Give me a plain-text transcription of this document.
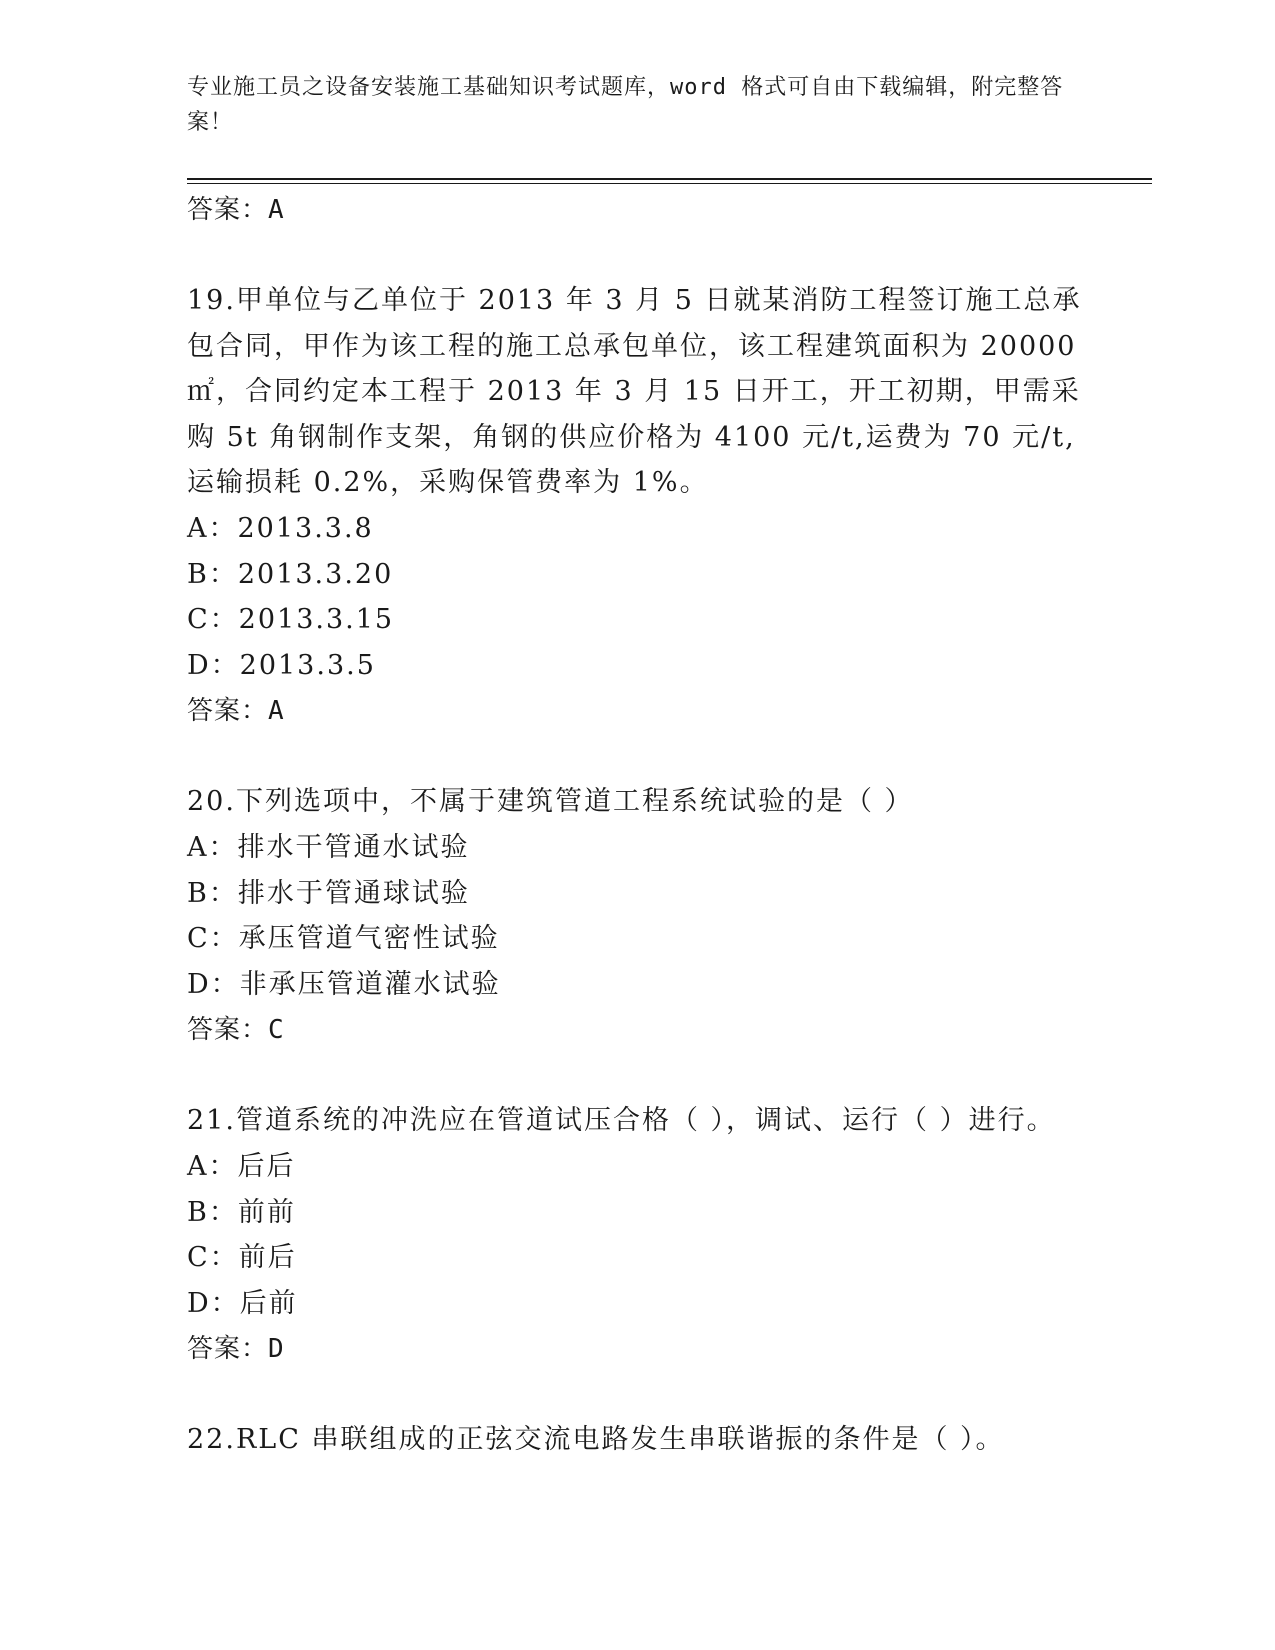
专业施工员之设备安装施工基础知识考试题库，word 格式可自由下载编辑，附完整答案！
答案：A
19.甲单位与乙单位于 2013 年 3 月 5 日就某消防工程签订施工总承包合同，甲作为该工程的施工总承包单位，该工程建筑面积为 20000㎡，合同约定本工程于 2013 年 3 月 15 日开工，开工初期，甲需采购 5t 角钢制作支架，角钢的供应价格为 4100 元/t,运费为 70 元/t,运输损耗 0.2%，采购保管费率为 1%。
A：2013.3.8
B：2013.3.20
C：2013.3.15
D：2013.3.5
答案：A
20.下列选项中，不属于建筑管道工程系统试验的是（ ）
A：排水干管通水试验
B：排水于管通球试验
C：承压管道气密性试验
D：非承压管道灌水试验
答案：C
21.管道系统的冲洗应在管道试压合格（ ），调试、运行（ ）进行。
A：后后
B：前前
C：前后
D：后前
答案：D
22.RLC 串联组成的正弦交流电路发生串联谐振的条件是（ ）。
